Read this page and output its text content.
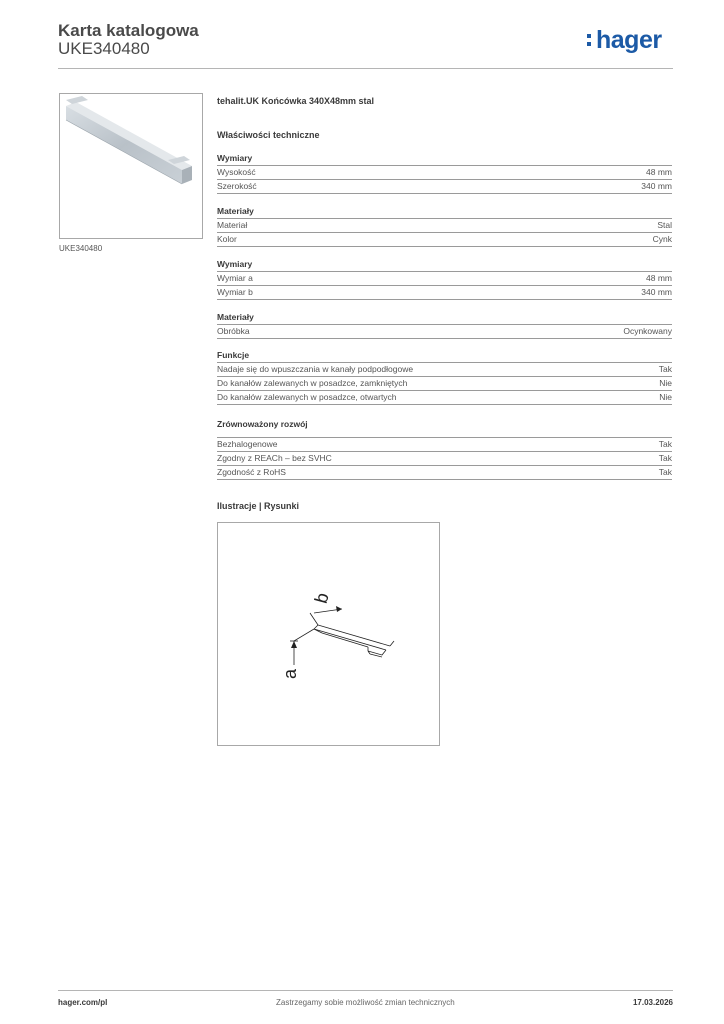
Karta katalogowa
UKE340480	hager
UKE340480
tehalit.UK Końcówka 340X48mm stal
Właściwości techniczne
Wymiary
Wysokość	48 mm
Szerokość	340 mm
Materiały
Materiał	Stal
Kolor	Cynk
Wymiary
Wymiar a	48 mm
Wymiar b	340 mm
Materiały
Obróbka	Ocynkowany
Funkcje
Nadaje się do wpuszczania w kanały podpodłogowe	Tak
Do kanałów zalewanych w posadzce, zamkniętych	Nie
Do kanałów zalewanych w posadzce, otwartych	Nie
Zrównoważony rozwój
Bezhalogenowe	Tak
Zgodny z REACh – bez SVHC	Tak
Zgodność z RoHS	Tak
Ilustracje | Rysunki
b
a
hager.com/pl	Zastrzegamy sobie możliwość zmian technicznych	17.03.2026
